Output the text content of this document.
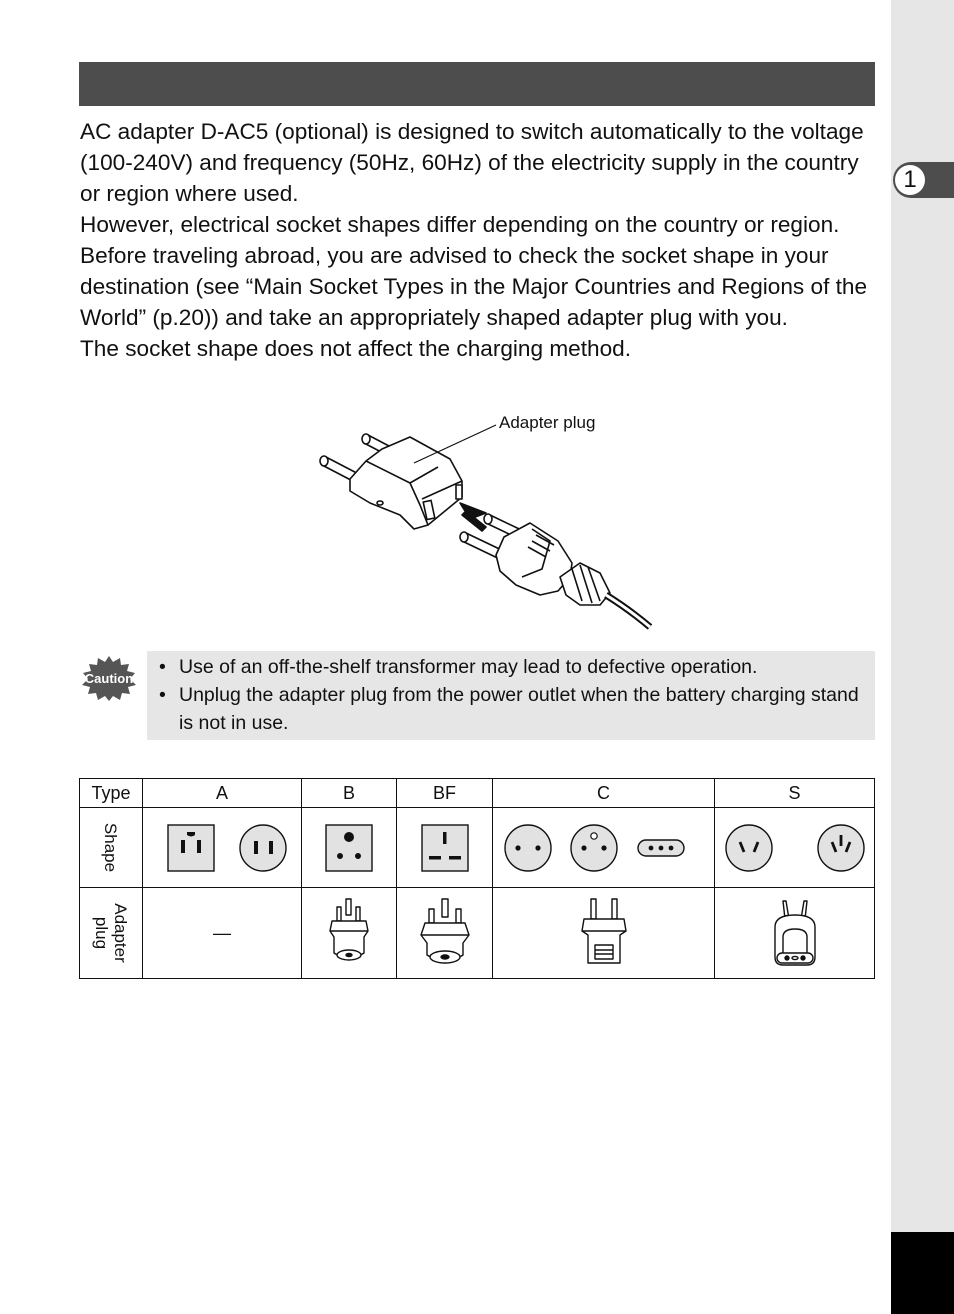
1

AC adapter D-AC5 (optional) is designed to switch automatically to the voltage (100-240V) and frequency (50Hz, 60Hz) of the electricity supply in the country or region where used.

However, electrical socket shapes differ depending on the country or region. Before traveling abroad, you are advised to check the socket shape in your destination (see “Main Socket Types in the Major Countries and Regions of the World” (p.20)) and take an appropriately shaped adapter plug with you.

The socket shape does not affect the charging method.

Adapter plug
Caution
• Use of an off-the-shelf transformer may lead to defective operation.
• Unplug the adapter plug from the power outlet when the battery charging stand is not in use.
Type	A	B	BF	C	S
Shape	

Adapter
plug	—	
